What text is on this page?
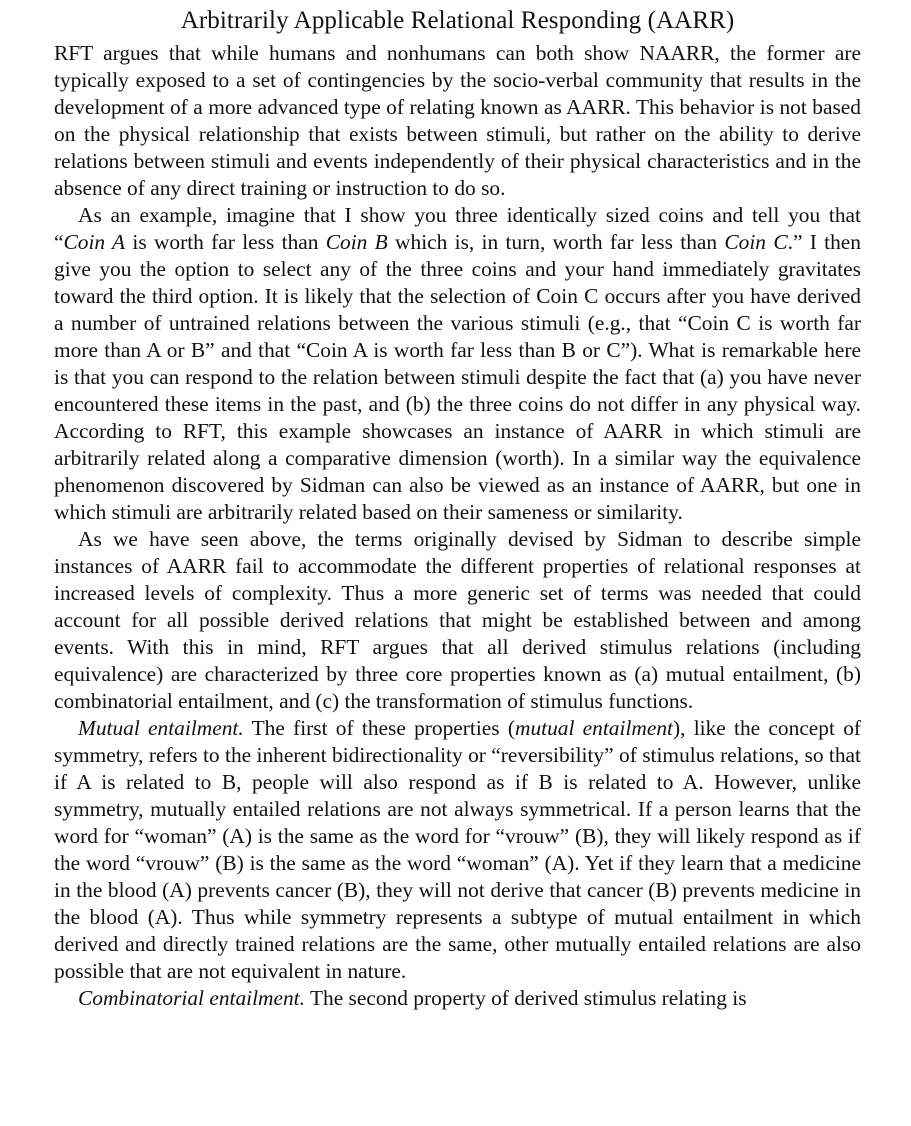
Arbitrarily Applicable Relational Responding (AARR)

RFT argues that while humans and nonhumans can both show NAARR, the former are typically exposed to a set of contingencies by the socio-verbal community that results in the development of a more advanced type of relating known as AARR. This behavior is not based on the physical relationship that exists between stimuli, but rather on the ability to derive relations between stimuli and events independently of their physical characteristics and in the absence of any direct training or instruction to do so.

As an example, imagine that I show you three identically sized coins and tell you that “Coin A is worth far less than Coin B which is, in turn, worth far less than Coin C.” I then give you the option to select any of the three coins and your hand immediately gravitates toward the third option. It is likely that the selection of Coin C occurs after you have derived a number of untrained relations between the various stimuli (e.g., that “Coin C is worth far more than A or B” and that “Coin A is worth far less than B or C”). What is remarkable here is that you can respond to the relation between stimuli despite the fact that (a) you have never encountered these items in the past, and (b) the three coins do not differ in any physical way. According to RFT, this example showcases an instance of AARR in which stimuli are arbitrarily related along a comparative dimension (worth). In a similar way the equivalence phenomenon discovered by Sidman can also be viewed as an instance of AARR, but one in which stimuli are arbitrarily related based on their sameness or similarity.

As we have seen above, the terms originally devised by Sidman to describe simple instances of AARR fail to accommodate the different properties of relational responses at increased levels of complexity. Thus a more generic set of terms was needed that could account for all possible derived relations that might be established between and among events. With this in mind, RFT argues that all derived stimulus relations (including equivalence) are characterized by three core properties known as (a) mutual entailment, (b) combinatorial entailment, and (c) the transformation of stimulus functions.

Mutual entailment. The first of these properties (mutual entailment), like the concept of symmetry, refers to the inherent bidirectionality or “reversibility” of stimulus relations, so that if A is related to B, people will also respond as if B is related to A. However, unlike symmetry, mutually entailed relations are not always symmetrical. If a person learns that the word for “woman” (A) is the same as the word for “vrouw” (B), they will likely respond as if the word “vrouw” (B) is the same as the word “woman” (A). Yet if they learn that a medicine in the blood (A) prevents cancer (B), they will not derive that cancer (B) prevents medicine in the blood (A). Thus while symmetry represents a subtype of mutual entailment in which derived and directly trained relations are the same, other mutually entailed relations are also possible that are not equivalent in nature.

Combinatorial entailment. The second property of derived stimulus relating is
